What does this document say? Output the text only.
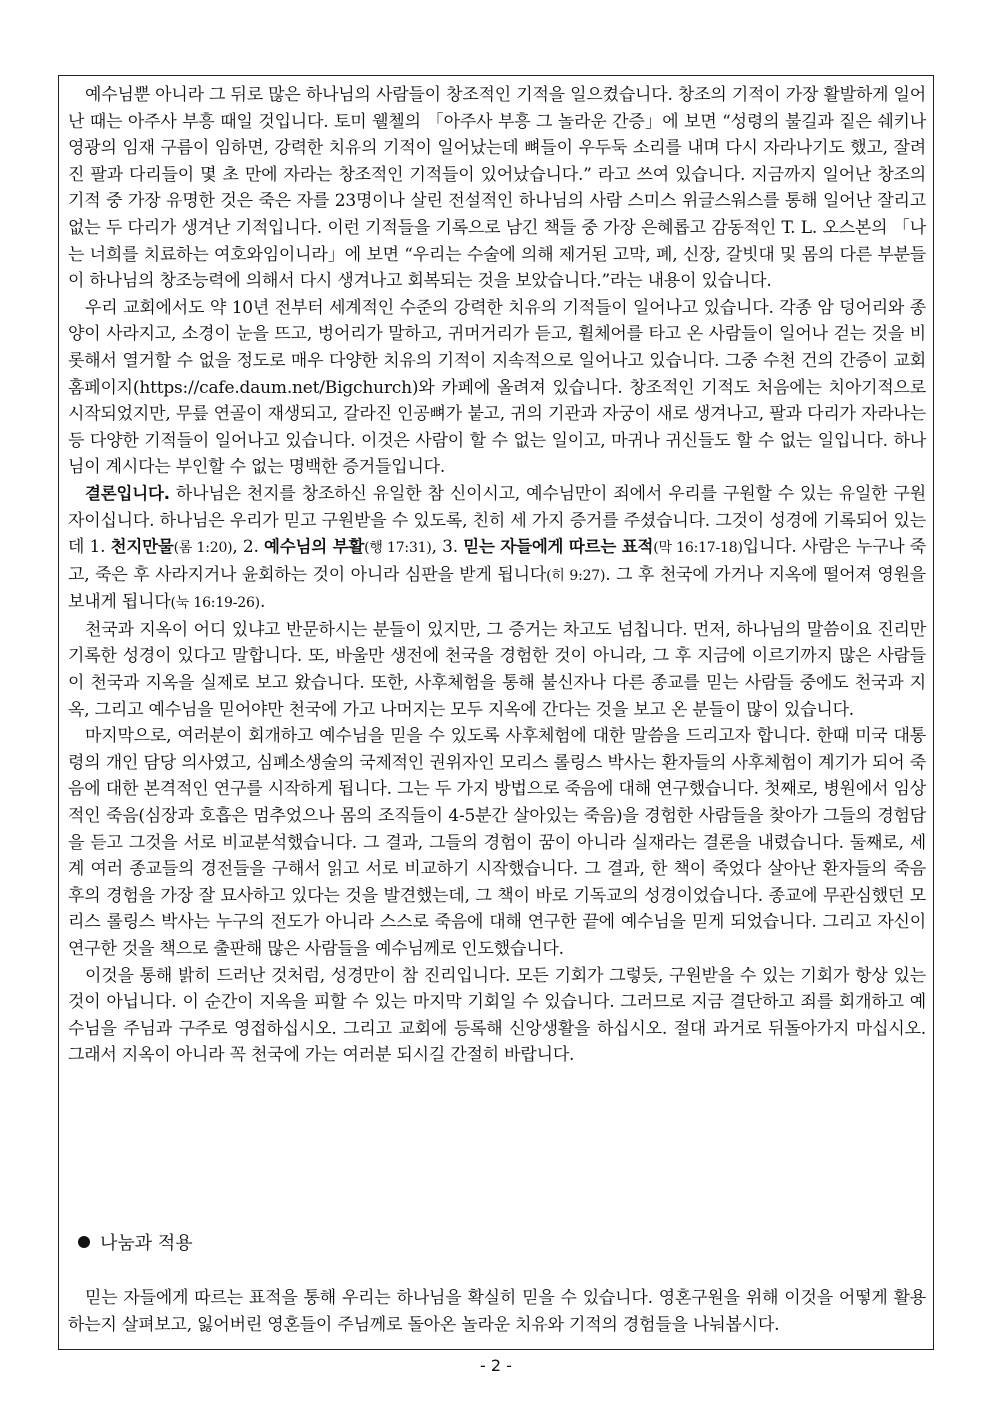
예수님뿐 아니라 그 뒤로 많은 하나님의 사람들이 창조적인 기적을 일으켰습니다. 창조의 기적이 가장 활발하게 일어난 때는 아주사 부흥 때일 것입니다. 토미 웰첼의 「아주사 부흥 그 놀라운 간증」에 보면 “성령의 불길과 짙은 쉐키나 영광의 임재 구름이 임하면, 강력한 치유의 기적이 일어났는데 뼈들이 우두둑 소리를 내며 다시 자라나기도 했고, 잘려진 팔과 다리들이 몇 초 만에 자라는 창조적인 기적들이 있어났습니다.” 라고 쓰여 있습니다. 지금까지 일어난 창조의 기적 중 가장 유명한 것은 죽은 자를 23명이나 살린 전설적인 하나님의 사람 스미스 위글스워스를 통해 일어난 잘리고 없는 두 다리가 생겨난 기적입니다. 이런 기적들을 기록으로 남긴 책들 중 가장 은혜롭고 감동적인 T. L. 오스본의 「나는 너희를 치료하는 여호와임이니라」에 보면 “우리는 수술에 의해 제거된 고막, 폐, 신장, 갈빗대 및 몸의 다른 부분들이 하나님의 창조능력에 의해서 다시 생겨나고 회복되는 것을 보았습니다.”라는 내용이 있습니다.

우리 교회에서도 약 10년 전부터 세계적인 수준의 강력한 치유의 기적들이 일어나고 있습니다. 각종 암 덩어리와 종양이 사라지고, 소경이 눈을 뜨고, 벙어리가 말하고, 귀머거리가 듣고, 휠체어를 타고 온 사람들이 일어나 걷는 것을 비롯해서 열거할 수 없을 정도로 매우 다양한 치유의 기적이 지속적으로 일어나고 있습니다. 그중 수천 건의 간증이 교회 홈페이지(https://cafe.daum.net/Bigchurch)와 카페에 올려져 있습니다. 창조적인 기적도 처음에는 치아기적으로 시작되었지만, 무릎 연골이 재생되고, 갈라진 인공뼈가 붙고, 귀의 기관과 자궁이 새로 생겨나고, 팔과 다리가 자라나는 등 다양한 기적들이 일어나고 있습니다. 이것은 사람이 할 수 없는 일이고, 마귀나 귀신들도 할 수 없는 일입니다. 하나님이 계시다는 부인할 수 없는 명백한 증거들입니다.

결론입니다. 하나님은 천지를 창조하신 유일한 참 신이시고, 예수님만이 죄에서 우리를 구원할 수 있는 유일한 구원자이십니다. 하나님은 우리가 믿고 구원받을 수 있도록, 친히 세 가지 증거를 주셨습니다. 그것이 성경에 기록되어 있는데 1. 천지만물(롬 1:20), 2. 예수님의 부활(행 17:31), 3. 믿는 자들에게 따르는 표적(막 16:17-18)입니다. 사람은 누구나 죽고, 죽은 후 사라지거나 윤회하는 것이 아니라 심판을 받게 됩니다(히 9:27). 그 후 천국에 가거나 지옥에 떨어져 영원을 보내게 됩니다(눅 16:19-26).

천국과 지옥이 어디 있냐고 반문하시는 분들이 있지만, 그 증거는 차고도 넘칩니다. 먼저, 하나님의 말씀이요 진리만 기록한 성경이 있다고 말합니다. 또, 바울만 생전에 천국을 경험한 것이 아니라, 그 후 지금에 이르기까지 많은 사람들이 천국과 지옥을 실제로 보고 왔습니다. 또한, 사후체험을 통해 불신자나 다른 종교를 믿는 사람들 중에도 천국과 지옥, 그리고 예수님을 믿어야만 천국에 가고 나머지는 모두 지옥에 간다는 것을 보고 온 분들이 많이 있습니다.

마지막으로, 여러분이 회개하고 예수님을 믿을 수 있도록 사후체험에 대한 말씀을 드리고자 합니다. 한때 미국 대통령의 개인 담당 의사였고, 심폐소생술의 국제적인 권위자인 모리스 롤링스 박사는 환자들의 사후체험이 계기가 되어 죽음에 대한 본격적인 연구를 시작하게 됩니다. 그는 두 가지 방법으로 죽음에 대해 연구했습니다. 첫째로, 병원에서 임상적인 죽음(심장과 호흡은 멈추었으나 몸의 조직들이 4-5분간 살아있는 죽음)을 경험한 사람들을 찾아가 그들의 경험담을 듣고 그것을 서로 비교분석했습니다. 그 결과, 그들의 경험이 꿈이 아니라 실재라는 결론을 내렸습니다. 둘째로, 세계 여러 종교들의 경전들을 구해서 읽고 서로 비교하기 시작했습니다. 그 결과, 한 책이 죽었다 살아난 환자들의 죽음 후의 경험을 가장 잘 묘사하고 있다는 것을 발견했는데, 그 책이 바로 기독교의 성경이었습니다. 종교에 무관심했던 모리스 롤링스 박사는 누구의 전도가 아니라 스스로 죽음에 대해 연구한 끝에 예수님을 믿게 되었습니다. 그리고 자신이 연구한 것을 책으로 출판해 많은 사람들을 예수님께로 인도했습니다.

이것을 통해 밝히 드러난 것처럼, 성경만이 참 진리입니다. 모든 기회가 그렇듯, 구원받을 수 있는 기회가 항상 있는 것이 아닙니다. 이 순간이 지옥을 피할 수 있는 마지막 기회일 수 있습니다. 그러므로 지금 결단하고 죄를 회개하고 예수님을 주님과 구주로 영접하십시오. 그리고 교회에 등록해 신앙생활을 하십시오. 절대 과거로 뒤돌아가지 마십시오. 그래서 지옥이 아니라 꼭 천국에 가는 여러분 되시길 간절히 바랍니다.

나눔과 적용
믿는 자들에게 따르는 표적을 통해 우리는 하나님을 확실히 믿을 수 있습니다. 영혼구원을 위해 이것을 어떻게 활용하는지 살펴보고, 잃어버린 영혼들이 주님께로 돌아온 놀라운 치유와 기적의 경험들을 나눠봅시다.
- 2 -
